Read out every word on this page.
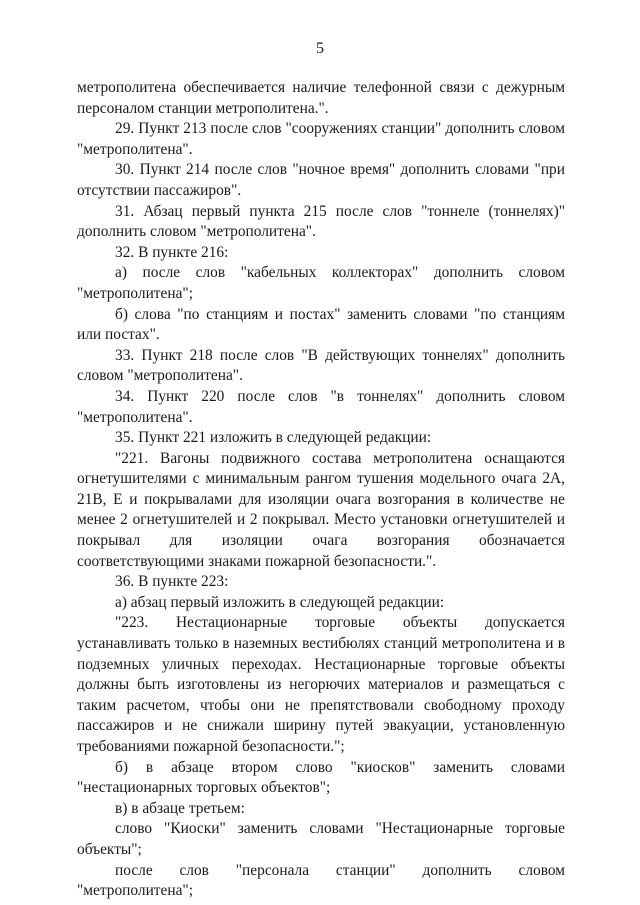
5

метрополитена обеспечивается наличие телефонной связи с дежурным персоналом станции метрополитена.".

29. Пункт 213 после слов "сооружениях станции" дополнить словом "метрополитена".

30. Пункт 214 после слов "ночное время" дополнить словами "при отсутствии пассажиров".

31. Абзац первый пункта 215 после слов "тоннеле (тоннелях)" дополнить словом "метрополитена".

32. В пункте 216:

а) после слов "кабельных коллекторах" дополнить словом "метрополитена";

б) слова "по станциям и постах" заменить словами "по станциям или постах".

33. Пункт 218 после слов "В действующих тоннелях" дополнить словом "метрополитена".

34. Пункт 220 после слов "в тоннелях" дополнить словом "метрополитена".

35. Пункт 221 изложить в следующей редакции:

"221. Вагоны подвижного состава метрополитена оснащаются огнетушителями с минимальным рангом тушения модельного очага 2А, 21В, Е и покрывалами для изоляции очага возгорания в количестве не менее 2 огнетушителей и 2 покрывал. Место установки огнетушителей и покрывал для изоляции очага возгорания обозначается соответствующими знаками пожарной безопасности.".

36. В пункте 223:

а) абзац первый изложить в следующей редакции:

"223. Нестационарные торговые объекты допускается устанавливать только в наземных вестибюлях станций метрополитена и в подземных уличных переходах. Нестационарные торговые объекты должны быть изготовлены из негорючих материалов и размещаться с таким расчетом, чтобы они не препятствовали свободному проходу пассажиров и не снижали ширину путей эвакуации, установленную требованиями пожарной безопасности.";

б) в абзаце втором слово "киосков" заменить словами "нестационарных торговых объектов";

в) в абзаце третьем:

слово "Киоски" заменить словами "Нестационарные торговые объекты";

после слов "персонала станции" дополнить словом "метрополитена";
